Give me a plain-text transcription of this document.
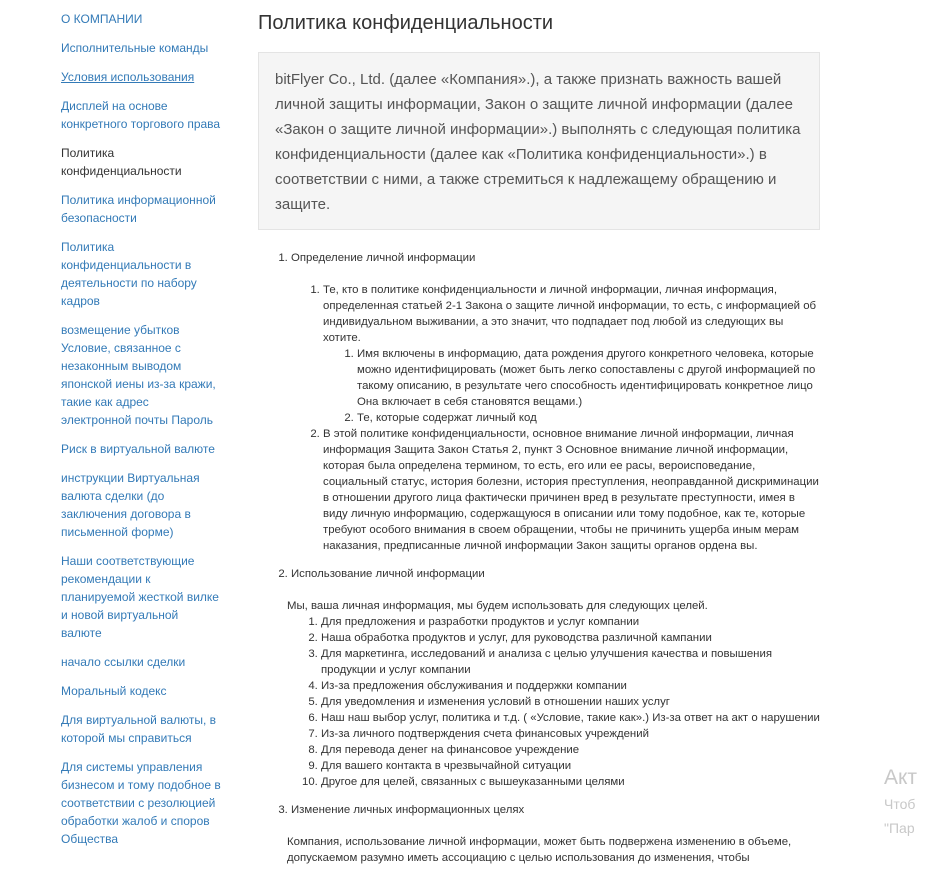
О КОМПАНИИ
Исполнительные команды
Условия использования
Дисплей на основе конкретного торгового права
Политика конфиденциальности
Политика информационной безопасности
Политика конфиденциальности в деятельности по набору кадров
возмещение убытков Условие, связанное с незаконным выводом японской иены из-за кражи, такие как адрес электронной почты Пароль
Риск в виртуальной валюте
инструкции Виртуальная валюта сделки (до заключения договора в письменной форме)
Наши соответствующие рекомендации к планируемой жесткой вилке и новой виртуальной валюте
начало ссылки сделки
Моральный кодекс
Для виртуальной валюты, в которой мы справиться
Для системы управления бизнесом и тому подобное в соответствии с резолюцией обработки жалоб и споров Общества
Политика конфиденциальности
bitFlyer Co., Ltd. (далее «Компания».), а также признать важность вашей личной защиты информации, Закон о защите личной информации (далее «Закон о защите личной информации».) выполнять с следующая политика конфиденциальности (далее как «Политика конфиденциальности».) в соответствии с ними, а также стремиться к надлежащему обращению и защите.
1. Определение личной информации
1. Те, кто в политике конфиденциальности и личной информации, личная информация, определенная статьей 2-1 Закона о защите личной информации, то есть, с информацией об индивидуальном выживании, а это значит, что подпадает под любой из следующих вы хотите.
1. Имя включены в информацию, дата рождения другого конкретного человека, которые можно идентифицировать (может быть легко сопоставлены с другой информацией по такому описанию, в результате чего способность идентифицировать конкретное лицо Она включает в себя становятся вещами.)
2. Те, которые содержат личный код
2. В этой политике конфиденциальности, основное внимание личной информации, личная информация Защита Закон Статья 2, пункт 3 Основное внимание личной информации, которая была определена термином, то есть, его или ее расы, вероисповедание, социальный статус, история болезни, история преступления, неоправданной дискриминации в отношении другого лица фактически причинен вред в результате преступности, имея в виду личную информацию, содержащуюся в описании или тому подобное, как те, которые требуют особого внимания в своем обращении, чтобы не причинить ущерба иным мерам наказания, предписанные личной информации Закон защиты органов ордена вы.
2. Использование личной информации

Мы, ваша личная информация, мы будем использовать для следующих целей.

1. Для предложения и разработки продуктов и услуг компании
2. Наша обработка продуктов и услуг, для руководства различной кампании
3. Для маркетинга, исследований и анализа с целью улучшения качества и повышения продукции и услуг компании
4. Из-за предложения обслуживания и поддержки компании
5. Для уведомления и изменения условий в отношении наших услуг
6. Наш наш выбор услуг, политика и т.д. ( «Условие, такие как».) Из-за ответ на акт о нарушении
7. Из-за личного подтверждения счета финансовых учреждений
8. Для перевода денег на финансовое учреждение
9. Для вашего контакта в чрезвычайной ситуации
10. Другое для целей, связанных с вышеуказанными целями
3. Изменение личных информационных целях

Компания, использование личной информации, может быть подвержена изменению в объеме, допускаемом разумно иметь ассоциацию с целью использования до изменения, чтобы

Акт
Чтоб
"Пар
